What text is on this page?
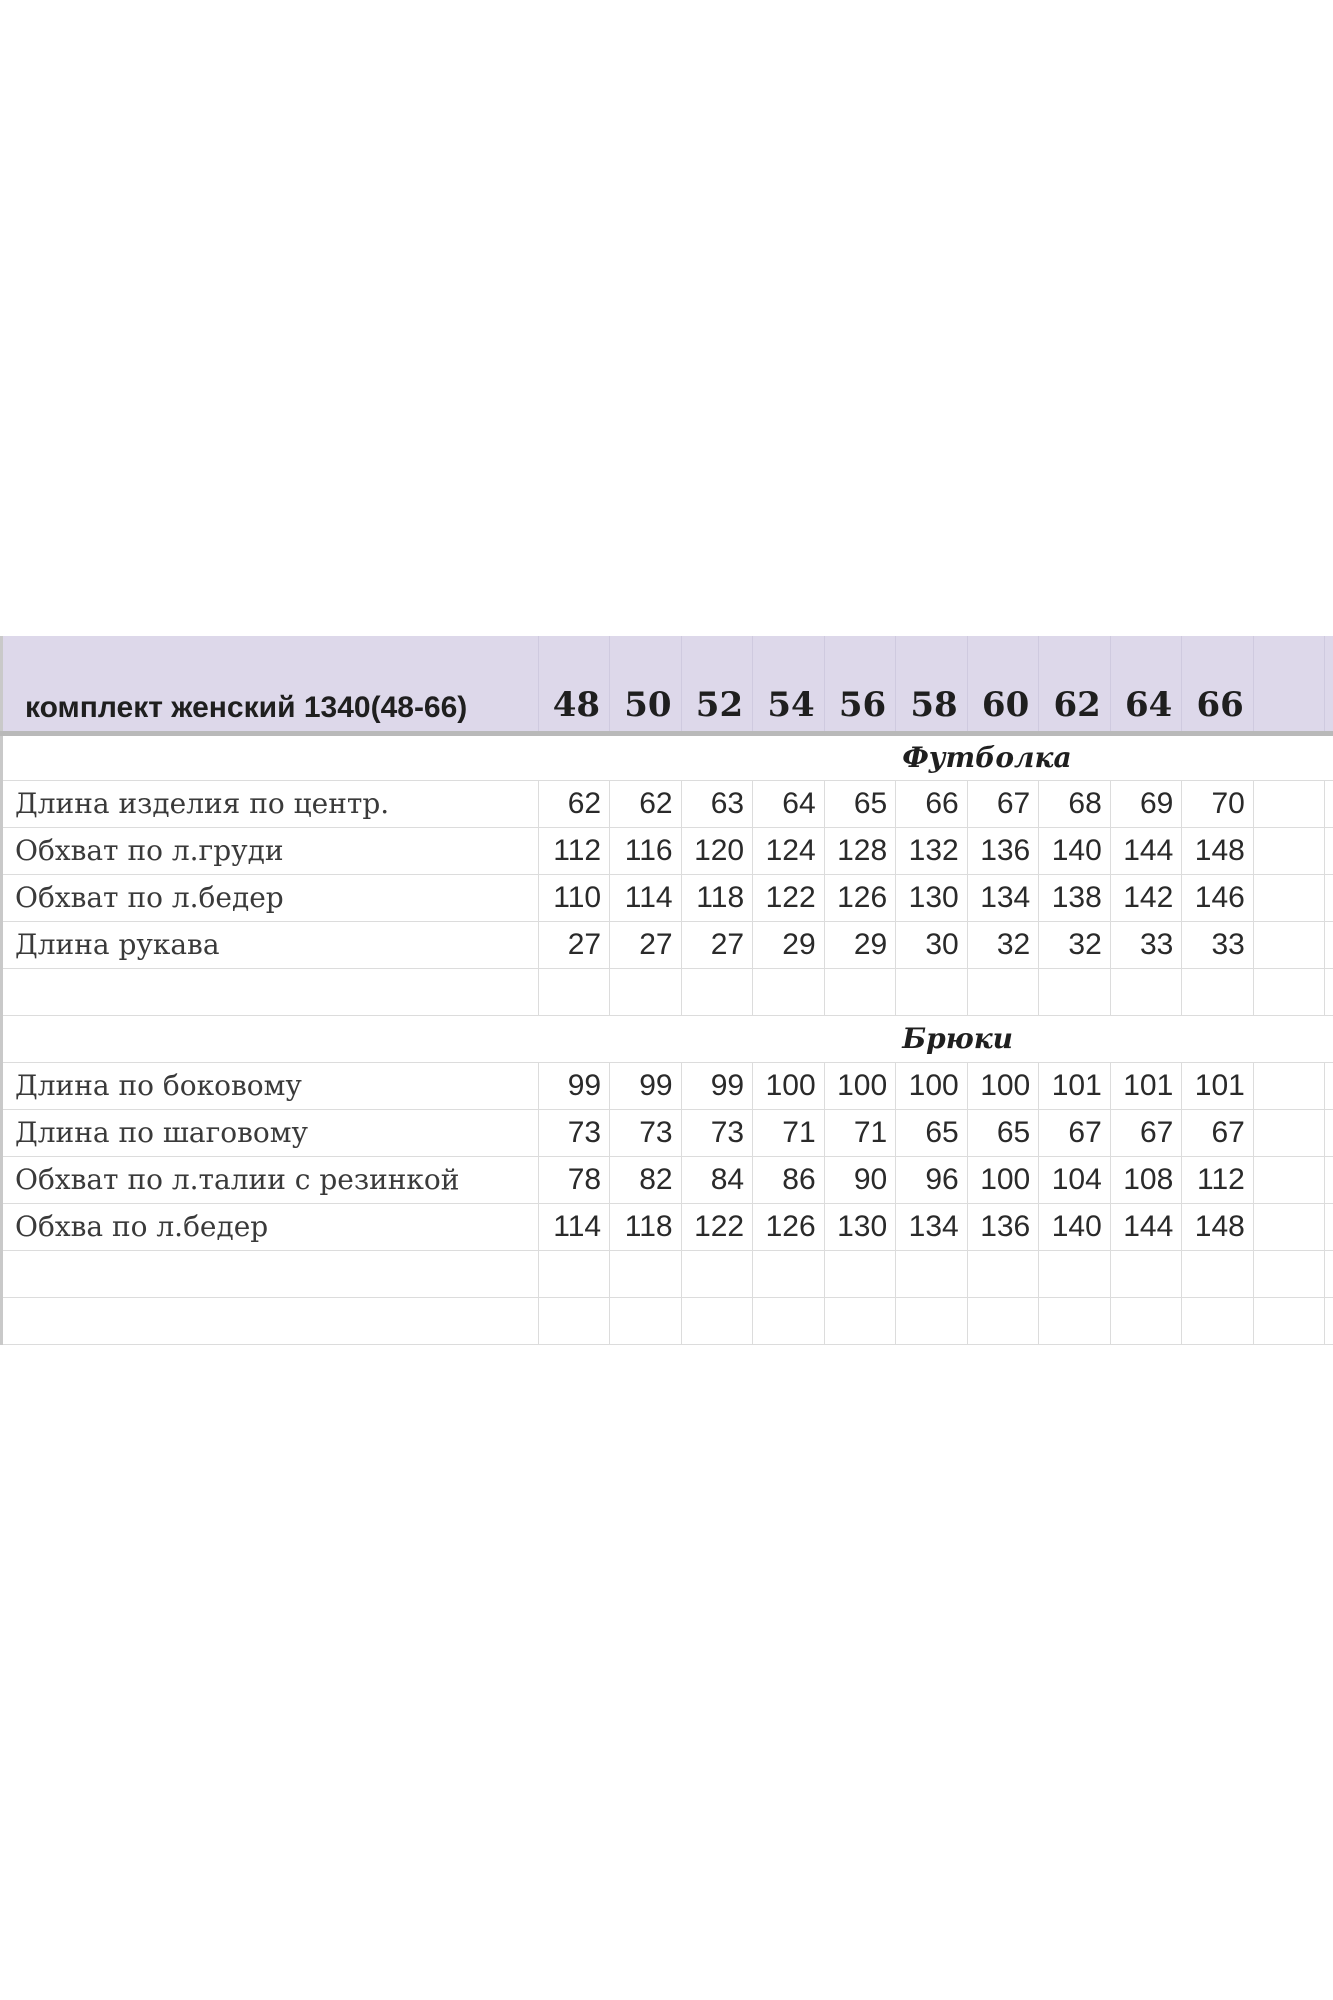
комплект женский 1340(48-66)	48	50	52	54	56	58	60	62	64	66		
						Футболка						
Длина изделия по центр.	62	62	63	64	65	66	67	68	69	70		
Обхват по л.груди	112	116	120	124	128	132	136	140	144	148		
Обхват по л.бедер	110	114	118	122	126	130	134	138	142	146		
Длина рукава	27	27	27	29	29	30	32	32	33	33		

						Брюки						
Длина по боковому	99	99	99	100	100	100	100	101	101	101		
Длина по шаговому	73	73	73	71	71	65	65	67	67	67		
Обхват по л.талии с резинкой	78	82	84	86	90	96	100	104	108	112		
Обхва по л.бедер	114	118	122	126	130	134	136	140	144	148		
